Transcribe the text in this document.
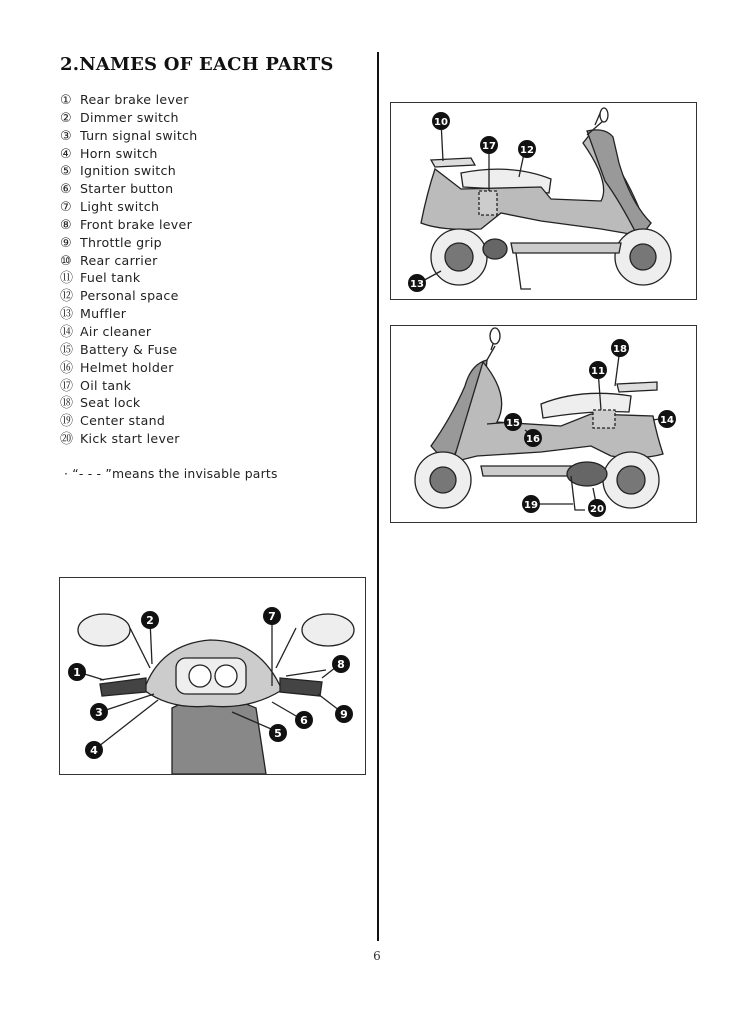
2.NAMES OF EACH PARTS
① Rear brake lever
② Dimmer switch
③ Turn signal switch
④ Horn switch
⑤ Ignition switch
⑥ Starter button
⑦ Light switch
⑧ Front brake lever
⑨ Throttle grip
⑩ Rear carrier
⑪ Fuel tank
⑫ Personal space
⑬ Muffler
⑭ Air cleaner
⑮ Battery & Fuse
⑯ Helmet holder
⑰ Oil tank
⑱ Seat lock
⑲ Center stand
⑳ Kick start lever
· “- - - ”means the invisable parts
10
17 12
13
18
11
14
15
16
19	20
1
2
3
4
5
6
7
8
9
6
